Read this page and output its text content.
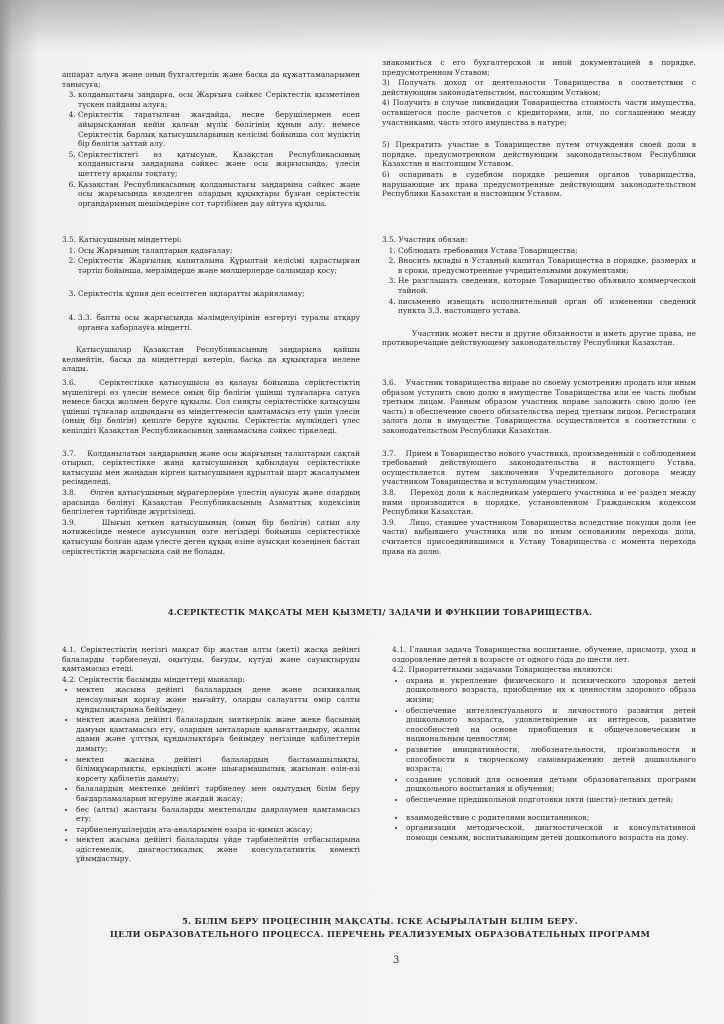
аппарат алуға және оның бухгалтерлік және басқа да құжаттамаларымен танысуға;

3. колданыстағы заңдарға, осы Жарғыға сәйкес Серіктестік қызметінен түскен пайданы алуға;
4. Серіктестік таратылған жағдайда, несие берушілермен есеп айырысқаннан кейін қалған мүлік бөлігінің құнын алу. немесе Серіктестік барлық қатысушыларының келісімі бойынша сол мүліктің бір бөлігін заттай алу.
5. Серіктестіктегі өз қатысуын, Қазақстан Республикасының колданыстағы заңдарына сәйкес және осы жарғысында, үлесін шеттету арқылы тоқтату;
6. Қазақстан Республикасының қолданыстағы заңдарына сәйкес және осы жарғысында көзделген олардың құқықтары бұзған серіктестік органдарының шешімдеріне сот тәртібімен дау айтуға құқылы.

3.5. Қатысушының міндеттері:

1. Осы Жарғының талаптарын қадағалау;
2. Серіктестік Жарғылық капиталына Құрылтай келісімі қарастырған тәртіп бойынша, мерзімдерде және мөлшерлерде салымдар қосу;
3. Серіктестік құпия деп есептеген ақпаратты жарияламау;
4. 3.3. бапты осы жарғысында мәлімделуірінін өзгертуі туралы атқару органға хабарлауға міндетті.

Қатысушылар Қазақстан Республикасының заңдарына қайшы келмейтін, басқа да міндеттерді көтеріп, басқа да құқықтарға иеленe алады.

3.6.	Серіктестікке қатысушысы өз қалауы бойынша серіктестіктің мүшелігері өз үлесін немесе оның бір бөлігін үшінші тұлғаларға сатуға немесе басқа жолмен беруге құқылы. Сол сияқты серіктестікке қатысушы үшінші тұлғалар алдындағы өз міндеттемесін қамтамасыз ету үшін үлесін (оның бір бөлігін) кепілге беруге құқылы. Серіктестік мүлкіндегі үлес кепілдігі Қазақстан Республикасының заңнамасына сәйкес тіркеледі.

3.7. Колданылатын заңдарының және осы жарғының талаптарын сақтай отырып, серіктестікке жаңа қатысушының қабылдауы серіктестікке қатысушы мен жаңадан кірген қатысушымен құрылтай шарт жасалуымен ресімделеді.

3.8. Өлген қатысушының мұрагерлеріне үлестің ауысуы және олардың арасында бөлінуі Қазақстан Республикасының Азаматтық кодексінің белгілеген тәртібінде жүргізіледі.

3.9.	Шығып кеткен қатысушының (оның бір бөлігін) сатып алу нәтижесінде немесе ауысуының өзге негіздері бойынша серіктестікке қатысушы болған адам үлесге деген құқық өзіне ауысқан кезеңінен бастап серіктестіктің жарғысына сай не болады.

знакомиться с его бухгалтерской и иной документацией в порядке, предусмотренном Уставом;

3) Получать доход от деятельности Товарищества в соответствии с действующим законодательством, настоящим Уставом;

4) Получить в случае ликвидации Товарищества стоимость части имущества, оставшегося после расчетов с кредиторами, или, по соглашению между участниками, часть этого имущества в натуре;

5) Прекратить участие в Товариществе путем отчуждения своей доли в порядке, предусмотренном действующим законодательством Республики Казахстан и настоящим Уставом.

6) оспаривать в судебном порядке решения органов товарищества, нарушающие их права предусмотренные действующим законодательством Республики Казахстан и настоящим Уставом.

3.5. Участник обязан:

1. Соблюдать требования Устава Товарищества;
2. Вносить вклады в Уставный капитал Товарищества в порядке, размерах и в сроки, предусмотренные учредительными документами;
3. Не разглашать сведения, которые Товарищество объявило коммерческой тайной.
4. письменно извещать исполнительный орган об изменении сведений пункта 3.3. настоящего устава.

Участник может нести и другие обязанности и иметь другие права, не противоречащие действующему законодательству Республики Казахстан.

3.6. Участник товарищества вправе по своему усмотрению продать или иным образом уступить свою долю в имуществе Товарищества или ее часть любым третьим лицам. Равным образом участник вправе заложить свою долю (ее часть) в обеспечение своего обязательства перед третьим лицом. Регистрация залога доли в имуществе Товарищества осуществляется в соответствии с законодательством Республики Казахстан.

3.7. Прием в Товарищество нового участника, произведенный с соблюдением требований действующего законодательства и настоящего Устава, осуществляется путем заключения Учредительного договора между участником Товарищества и вступающим участником.

3.8. Переход доли к наследникам умершего участника и ее раздел между ними производится в порядке, установленном Гражданским кодексом Республики Казахстан.

3.9. Лицо, ставшее участником Товарищества вследствие покупки доли (ее части) выбывшего участника или по иным основаниям перехода доли, считается присоединившимся к Уставу Товарищества с момента перехода права на долю.

4.СЕРІКТЕСТІК МАҚСАТЫ МЕН ҚЫЗМЕТІ/ ЗАДАЧИ И ФУНКЦИИ ТОВАРИЩЕСТВА.

4.1. Серіктестіктің негізгі мақсат бір жастан алты (жеті) жасқа дейінгі балаларды тәрбиелеуді, оқытуды, бағуды, күтуді және сауықтыруды қамтамасыз етеді.

4.2. Серіктестік басымды міндеттері мыналар:

• мектеп жасына дейінгі балалардың дене және психикалық денсаулығын қорғау және нығайту, оларды салауатты өмір салты құндылықтарына бейімдеу;
• мектеп жасына дейінгі балалардың зияткерлік және жеке басының дамуын қамтамасыз ету, олардың ынталарын қанағаттандыру, жалпы адами және ұлттық құндылықтарға бейімдеу негізінде қабілеттерін дамыту;
• мектеп жасына дейінгі балалардың бастамашылықты, білімқұмарлықты, еркіндікті және шығармашылық жағынан өзін-өзі көрсету қабілетін дамыту;
• балалардың мектепке дейінгі тәрбиелеу мен оқытудың білім беру бағдарламаларын игеруіне жағдай жасау;
• бес (алты) жастағы балаларды мектепалды даярлаумен қамтамасыз ету;
• тәрбиеленушілердің ата-аналарымен өзара іс-қимыл жасау;
• мектеп жасына дейінгі балаларды үйде тәрбиелейтін отбасыларына әдістемелік, диагностикалық және консультативтік көмекті ұйымдастыру.

4.1. Главная задача Товарищества воспитание, обучение, присмотр, уход и оздоровление детей в возрасте от одного года до шести лет.

4.2. Приоритетными задачами Товарищества являются:

• охрана и укрепление физического и психического здоровья детей дошкольного возраста, приобщение их к ценностям здорового образа жизни;
• обеспечение интеллектуального и личностного развития детей дошкольного возраста, удовлетворение их интересов, развитие способностей на основе приобщения к общечеловеческим и национальным ценностям;
• развитие инициативности, любознательности, произвольности и способности к творческому самовыражению детей дошкольного возраста;
• создание условий для освоения детьми образовательных программ дошкольного воспитания и обучения;
• обеспечение предшкольной подготовки пяти (шести)-летних детей;
• взаимодействие с родителями воспитанников;
• организация методической, диагностической и консультативной помощи семьям, воспитывающим детей дошкольного возраста на дому.
5. БІЛІМ БЕРУ ПРОЦЕСІНІҢ МАҚСАТЫ. ІСКЕ АСЫРЫЛАТЫН БІЛІМ БЕРУ.
ЦЕЛИ ОБРАЗОВАТЕЛЬНОГО ПРОЦЕССА. ПЕРЕЧЕНЬ РЕАЛИЗУЕМЫХ ОБРАЗОВАТЕЛЬНЫХ ПРОГРАММ
3
